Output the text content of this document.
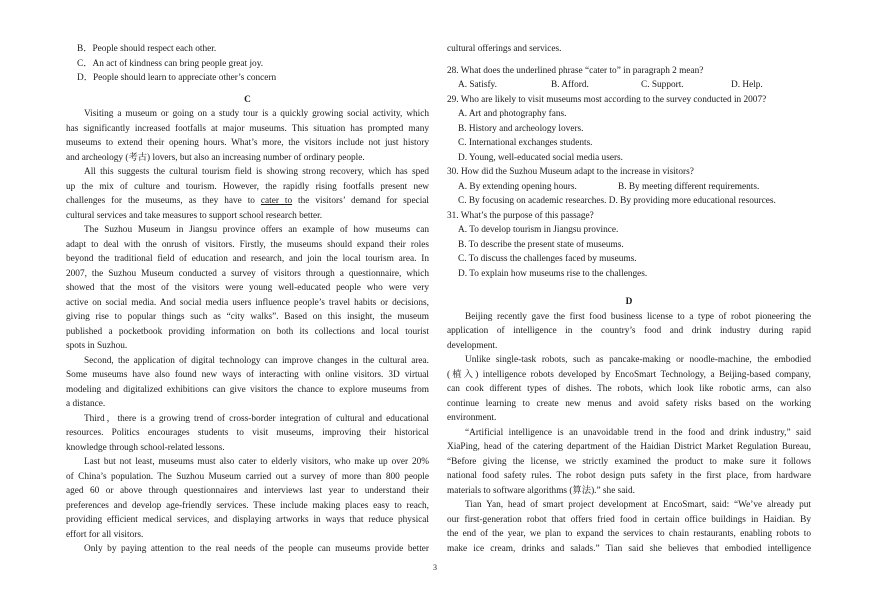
B．People should respect each other.
C．An act of kindness can bring people great joy.
D．People should learn to appreciate other’s concern
C
Visiting a museum or going on a study tour is a quickly growing social activity, which
has significantly increased footfalls at major museums. This situation has prompted many
museums to extend their opening hours. What’s more, the visitors include not just history
and archeology (考古) lovers, but also an increasing number of ordinary people.
All this suggests the cultural tourism field is showing strong recovery, which has sped
up the mix of culture and tourism. However, the rapidly rising footfalls present new
challenges for the museums, as they have to cater to the visitors’ demand for special
cultural services and take measures to support school research better.
The Suzhou Museum in Jiangsu province offers an example of how museums can
adapt to deal with the onrush of visitors. Firstly, the museums should expand their roles
beyond the traditional field of education and research, and join the local tourism area. In
2007, the Suzhou Museum conducted a survey of visitors through a questionnaire, which
showed that the most of the visitors were young well-educated people who were very
active on social media. And social media users influence people’s travel habits or decisions,
giving rise to popular things such as “city walks”. Based on this insight, the museum
published a pocketbook providing information on both its collections and local tourist
spots in Suzhou.
Second, the application of digital technology can improve changes in the cultural area.
Some museums have also found new ways of interacting with online visitors. 3D virtual
modeling and digitalized exhibitions can give visitors the chance to explore museums from
a distance.
Third，there is a growing trend of cross-border integration of cultural and educational
resources. Politics encourages students to visit museums, improving their historical
knowledge through school-related lessons.
Last but not least, museums must also cater to elderly visitors, who make up over 20%
of China’s population. The Suzhou Museum carried out a survey of more than 800 people
aged 60 or above through questionnaires and interviews last year to understand their
preferences and develop age-friendly services. These include making places easy to reach,
providing efficient medical services, and displaying artworks in ways that reduce physical
effort for all visitors.
Only by paying attention to the real needs of the people can museums provide better
cultural offerings and services.
28. What does the underlined phrase “cater to” in paragraph 2 mean?
A. Satisfy.	B. Afford.	C. Support.	D. Help.
29. Who are likely to visit museums most according to the survey conducted in 2007?
A. Art and photography fans.
B. History and archeology lovers.
C. International exchanges students.
D. Young, well-educated social media users.
30. How did the Suzhou Museum adapt to the increase in visitors?
A. By extending opening hours.	B. By meeting different requirements.
C. By focusing on academic researches. D. By providing more educational resources.
31. What’s the purpose of this passage?
A. To develop tourism in Jiangsu province.
B. To describe the present state of museums.
C. To discuss the challenges faced by museums.
D. To explain how museums rise to the challenges.
D
Beijing recently gave the first food business license to a type of robot pioneering the
application of intelligence in the country’s food and drink industry during rapid
development.
Unlike single-task robots, such as pancake-making or noodle-machine, the embodied
(植入) intelligence robots developed by EncoSmart Technology, a Beijing-based company,
can cook different types of dishes. The robots, which look like robotic arms, can also
continue learning to create new menus and avoid safety risks based on the working
environment.
“Artificial intelligence is an unavoidable trend in the food and drink industry,” said
XiaPing, head of the catering department of the Haidian District Market Regulation Bureau,
“Before giving the license, we strictly examined the product to make sure it follows
national food safety rules. The robot design puts safety in the first place, from hardware
materials to software algorithms (算法).” she said.
Tian Yan, head of smart project development at EncoSmart, said: “We’ve already put
our first-generation robot that offers fried food in certain office buildings in Haidian. By
the end of the year, we plan to expand the services to chain restaurants, enabling robots to
make ice cream, drinks and salads.” Tian said she believes that embodied intelligence
3
